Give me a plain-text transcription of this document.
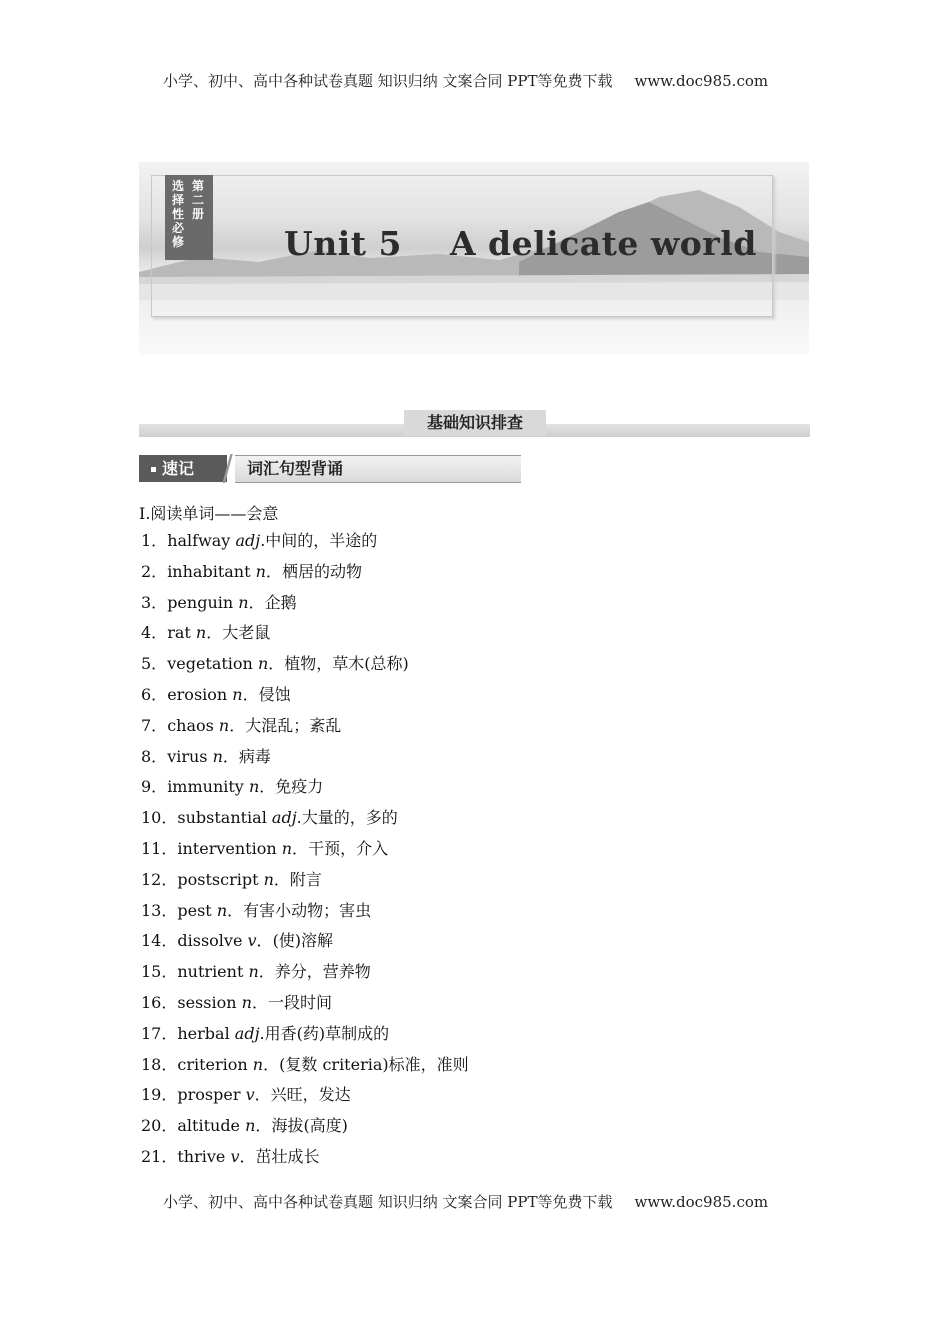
小学、初中、高中各种试卷真题 知识归纳 文案合同 PPT等免费下载 www.doc985.com
选择性必修
第二册
Unit 5    A delicate world
基础知识排查
速记	词汇句型背诵
Ⅰ.阅读单词——会意
1．halfway adj.中间的，半途的
2．inhabitant n．栖居的动物
3．penguin n．企鹅
4．rat n．大老鼠
5．vegetation n．植物，草木(总称)
6．erosion n．侵蚀
7．chaos n．大混乱；紊乱
8．virus n．病毒
9．immunity n．免疫力
10．substantial adj.大量的，多的
11．intervention n．干预，介入
12．postscript n．附言
13．pest n．有害小动物；害虫
14．dissolve v．(使)溶解
15．nutrient n．养分，营养物
16．session n．一段时间
17．herbal adj.用香(药)草制成的
18．criterion n．(复数 criteria)标准，准则
19．prosper v．兴旺，发达
20．altitude n．海拔(高度)
21．thrive v．茁壮成长
小学、初中、高中各种试卷真题 知识归纳 文案合同 PPT等免费下载 www.doc985.com
